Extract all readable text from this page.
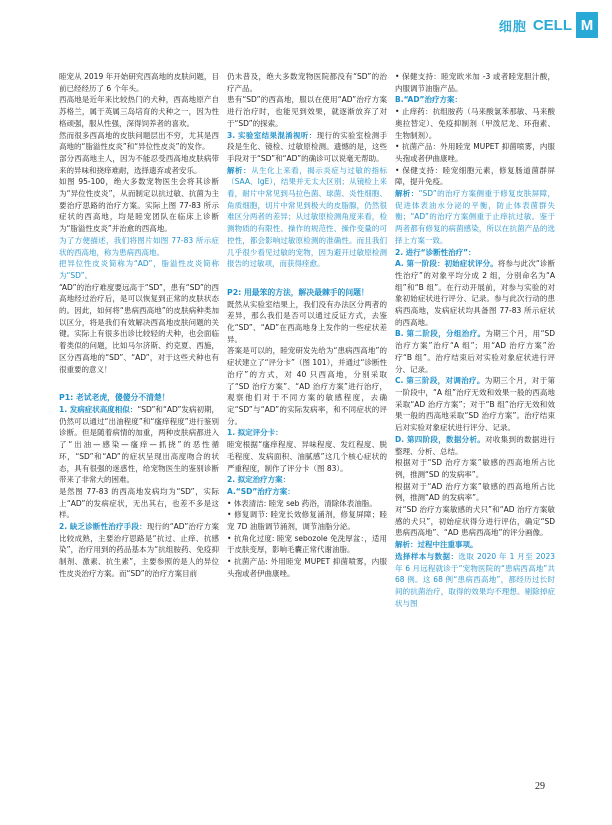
细胞 CELL M

睦宠从 2019 年开始研究西高地的皮肤问题，目前已经经历了 6 个年头。

西高地是近年来比较热门的犬种，西高地原产自苏格兰，属于英属三岛培育的犬种之一，因为性格顽强，服从性强，深得饲养者的喜欢。

然而很多西高地的皮肤问题层出不穷，尤其是西高地的“脂溢性皮炎”和“异位性皮炎”的发作。

部分西高地主人，因为不能忍受西高地皮肤病带来的异味和挠痒难耐，选择遗弃或者安乐。

如图 95-100，绝大多数宠物医生会将其诊断为“异位性皮炎”，从而制定以抗过敏、抗菌为主要治疗思路的治疗方案。实际上图 77-83 所示症状的西高地，均是睦宠团队在临床上诊断为“脂溢性皮炎”并治愈的西高地。

为了方便描述，我们将图片如图 77-83 所示症状的西高地，称为患病西高地。

把异位性皮炎简称为“AD”，脂溢性皮炎简称为“SD”。

“AD”的治疗难度要远高于“SD”，患有“SD”的西高地经过治疗后，是可以恢复到正常的皮肤状态的。因此，如何将“患病西高地”的皮肤病种类加以区分，将是我们有效解决西高地皮肤问题的关键。实际上有很多出诊比较轻的犬种，也会面临着类似的问题，比如马尔济斯、约克夏、西施，区分西高地的“SD”、“AD”，对于这些犬种也有很重要的意义！

P1: 老试老虎，傻傻分不清楚！

1. 发病症状高度相似：“SD”和“AD”发病初期，仍然可以通过“出油程度”和“瘙痒程度”进行鉴别诊断。但是随着病情的加重，两种皮肤病都进入了“出油—感染—瘙痒—抓挠”的恶性循环，“SD”和“AD”的症状呈现出高度吻合的状态，具有很强的迷惑性，给宠物医生的鉴别诊断带来了非常大的困难。

是然图 77-83 的西高地发病均为“SD”，实际上“AD”的发病症状，无出其右，也差不多是这样。

2. 缺乏诊断性治疗手段：现行的“AD”治疗方案比较成熟，主要治疗思路是“抗过、止痒、抗感染”，治疗用到的药品基本为“抗组胺药、免疫抑制剂、激素、抗生素”，主要参照的是人的异位性皮炎治疗方案。而“SD”的治疗方案目前

仍未普及，绝大多数宠物医院都没有“SD”的治疗产品。

患有“SD”的西高地，服以在使用“AD”治疗方案进行治疗时，也能见到效果，就逐渐放弃了对于“SD”的探索。

3. 实验室结果混淆视听：现行的实验室检测手段是生化、镜检、过敏原检测。遗憾的是，这些手段对于“SD”和“AD”的确诊可以说毫无帮助。

解析：从生化上来看，揭示炎症与过敏的指标（SAA、IgE），结果并无太大区别；从镜检上来看，耐片中常见到马拉色菌、球菌、炎性细胞、角质细胞，切片中常见到极大的皮脂腺，仍然很难区分两者的差异；从过敏原检测角度来看，检测物质的有限性、操作的规范性、操作变量的可控性，都会影响过敏原检测的准确性。而且我们几乎很少看见过敏的宠物，因为避开过敏原检测报告的过敏项，而获得痊愈。

P2: 用最笨的方法，解决最棘手的问题！

既然从实验室结果上，我们没有办法区分两者的差异，那么我们是否可以通过反证方式，去鉴化“SD”、“AD”在西高地身上发作的一些症状差异。

答案是可以的，睦宠研发先给为“患病西高地”的症状建立了“评分卡”（图 101），并通过“诊断性治疗”的方式，对 40 只西高地，分别采取了“SD 治疗方案”、“AD 治疗方案”进行治疗，观察他们对于不同方案的敏感程度，去确定“SD”与“AD”的实际发病率，和不同症状的评分。

1. 拟定评分卡：

睦宠根据“瘙痒程度、异味程度、发红程度、脱毛程度、发病面积、油腻感”这几个核心症状的严重程度，制作了评分卡（图 83）。

2. 拟定治疗方案：

A.“SD”治疗方案：

• 体表清洁: 睦宠 seb 药浴，清除体表油脂。

• 修复调节: 睦宠长效修复涌剂，修复屏障；睦宠 7D 油脂调节涌剂，调节油脂分泌。

• 抗角化过度: 睦宠 sebozole 免洗厚盆：，适用于皮肤变厚，影响毛囊正常代谢油脂。

• 抗菌产品: 外用睦宠 MUPET 抑菌喷雾，内服头孢或者伊曲康唑。

• 保健支持：睦宠欧米加 -3 或者睦宠胆汁酸，内服调节油脂产品。

B.“AD”治疗方案：

• 止痒药：抗组胺药（马来酸氯苯那敏、马来酸奥拉替定）、免疫抑制剂（甲泼尼龙、环孢素、生物制剂）。

• 抗菌产品：外用睦宠 MUPET 抑菌喷雾，内服头孢或者伊曲康唑。

• 保健支持：睦宠细胞元素，修复肠道菌群屏障，提升免疫。

解析：“SD”的治疗方案侧重于修复皮肤屏障，促进体表油水分泌的平衡，防止体表菌群失衡；“AD”的治疗方案侧重于止痒抗过敏。鉴于两者都有修复的病菌感染，所以在抗菌产品的选择上方案一致。

2. 进行“诊断性治疗”：

A. 第一阶段：初始症状评分。将参与此次“诊断性治疗”的对象平均分成 2 组，分别命名为“A 组”和“B 组”。在行动开展前，对参与实验的对象初始症状进行评分、记录。参与此次行动的患病西高地，发病症状均具备图 77-83 所示症状的西高地。

B. 第二阶段，分组治疗。为期三个月，用“SD 治疗方案”治疗“A 组”；用“AD 治疗方案”治疗“B 组”。治疗结束后对实验对象症状进行评分、记录。

C. 第三阶段，对调治疗。为期三个月，对于第一阶段中，“A 组”治疗无效和效果一般的西高地采取“AD 治疗方案”；对于“B 组”治疗无效和效果一般的西高地采取“SD 治疗方案”。治疗结束后对实验对象症状进行评分、记录。

D. 第四阶段，数据分析。对收集到的数据进行整理、分析、总结。

根据对于“SD 治疗方案”敏感的西高地所占比例，推测“SD 的发病率”。

根据对于“AD 治疗方案”敏感的西高地所占比例，推测“AD 的发病率”。

对“SD 治疗方案敏感的犬只”和“AD 治疗方案敏感的犬只”，初始症状得分进行评估，确定“SD 患病西高地”、“AD 患病西高地”的评分画像。

解析：过程中注重事项。

选择样本与数据：选取 2020 年 1 月至 2023 年 6 月远程就诊于“宠物医院的“患病西高地”共 68 例。这 68 例“患病西高地”，都经历过长时间的抗菌治疗，取得的效果均不理想。剔除掉症状与图

29
